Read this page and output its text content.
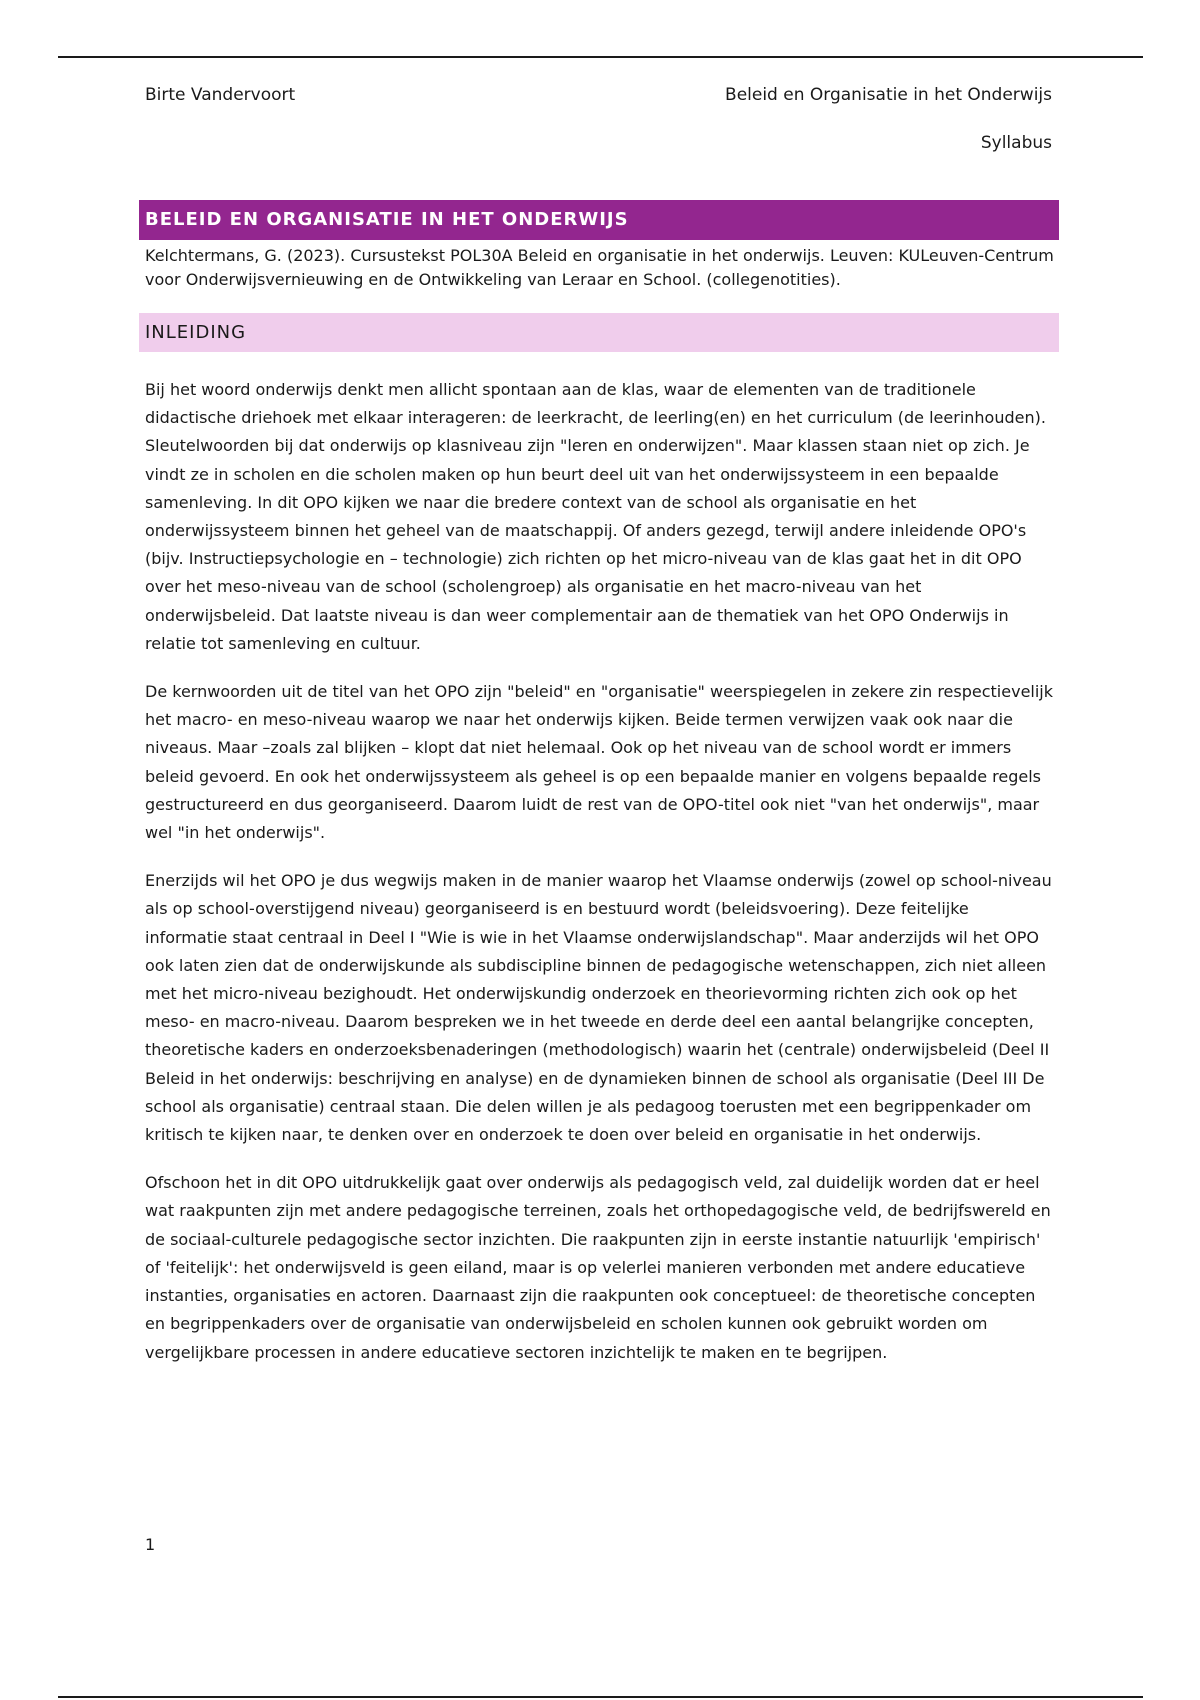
Birte Vandervoort	Beleid en Organisatie in het Onderwijs
Syllabus
BELEID EN ORGANISATIE IN HET ONDERWIJS
Kelchtermans, G. (2023). Cursustekst POL30A Beleid en organisatie in het onderwijs. Leuven: KULeuven-Centrum voor Onderwijsvernieuwing en de Ontwikkeling van Leraar en School. (collegenotities).
INLEIDING

Bij het woord onderwijs denkt men allicht spontaan aan de klas, waar de elementen van de traditionele didactische driehoek met elkaar interageren: de leerkracht, de leerling(en) en het curriculum (de leerinhouden). Sleutelwoorden bij dat onderwijs op klasniveau zijn "leren en onderwijzen". Maar klassen staan niet op zich. Je vindt ze in scholen en die scholen maken op hun beurt deel uit van het onderwijssysteem in een bepaalde samenleving. In dit OPO kijken we naar die bredere context van de school als organisatie en het onderwijssysteem binnen het geheel van de maatschappij. Of anders gezegd, terwijl andere inleidende OPO's (bijv. Instructiepsychologie en – technologie) zich richten op het micro-niveau van de klas gaat het in dit OPO over het meso-niveau van de school (scholengroep) als organisatie en het macro-niveau van het onderwijsbeleid. Dat laatste niveau is dan weer complementair aan de thematiek van het OPO Onderwijs in relatie tot samenleving en cultuur.

De kernwoorden uit de titel van het OPO zijn "beleid" en "organisatie" weerspiegelen in zekere zin respectievelijk het macro- en meso-niveau waarop we naar het onderwijs kijken. Beide termen verwijzen vaak ook naar die niveaus. Maar –zoals zal blijken – klopt dat niet helemaal. Ook op het niveau van de school wordt er immers beleid gevoerd. En ook het onderwijssysteem als geheel is op een bepaalde manier en volgens bepaalde regels gestructureerd en dus georganiseerd. Daarom luidt de rest van de OPO-titel ook niet "van het onderwijs", maar wel "in het onderwijs".

Enerzijds wil het OPO je dus wegwijs maken in de manier waarop het Vlaamse onderwijs (zowel op school-niveau als op school-overstijgend niveau) georganiseerd is en bestuurd wordt (beleidsvoering). Deze feitelijke informatie staat centraal in Deel I "Wie is wie in het Vlaamse onderwijslandschap". Maar anderzijds wil het OPO ook laten zien dat de onderwijskunde als subdiscipline binnen de pedagogische wetenschappen, zich niet alleen met het micro-niveau bezighoudt. Het onderwijskundig onderzoek en theorievorming richten zich ook op het meso- en macro-niveau. Daarom bespreken we in het tweede en derde deel een aantal belangrijke concepten, theoretische kaders en onderzoeksbenaderingen (methodologisch) waarin het (centrale) onderwijsbeleid (Deel II Beleid in het onderwijs: beschrijving en analyse) en de dynamieken binnen de school als organisatie (Deel III De school als organisatie) centraal staan. Die delen willen je als pedagoog toerusten met een begrippenkader om kritisch te kijken naar, te denken over en onderzoek te doen over beleid en organisatie in het onderwijs.

Ofschoon het in dit OPO uitdrukkelijk gaat over onderwijs als pedagogisch veld, zal duidelijk worden dat er heel wat raakpunten zijn met andere pedagogische terreinen, zoals het orthopedagogische veld, de bedrijfswereld en de sociaal-culturele pedagogische sector inzichten. Die raakpunten zijn in eerste instantie natuurlijk 'empirisch' of 'feitelijk': het onderwijsveld is geen eiland, maar is op velerlei manieren verbonden met andere educatieve instanties, organisaties en actoren. Daarnaast zijn die raakpunten ook conceptueel: de theoretische concepten en begrippenkaders over de organisatie van onderwijsbeleid en scholen kunnen ook gebruikt worden om vergelijkbare processen in andere educatieve sectoren inzichtelijk te maken en te begrijpen.

1
